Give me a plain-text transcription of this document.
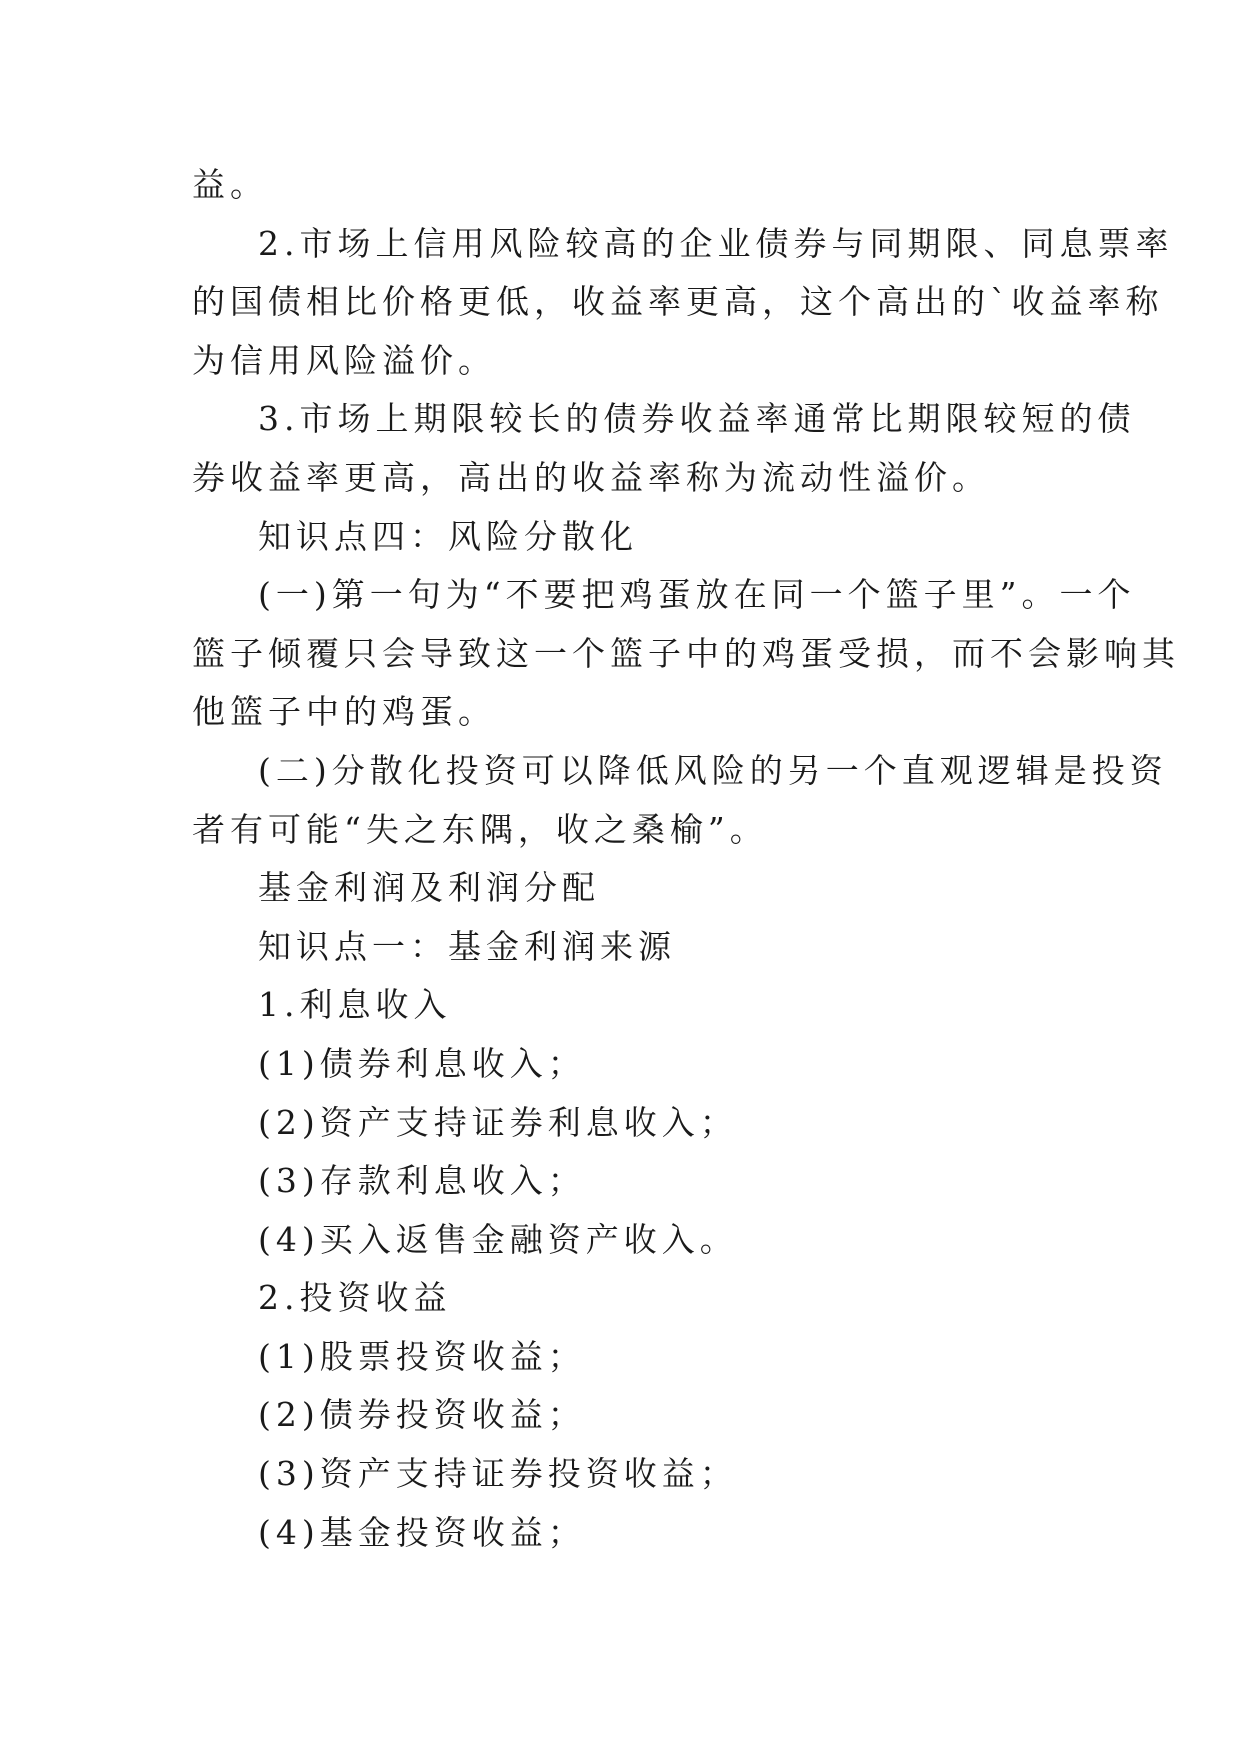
益。
2.市场上信用风险较高的企业债券与同期限、同息票率
的国债相比价格更低，收益率更高，这个高出的`收益率称
为信用风险溢价。
3.市场上期限较长的债券收益率通常比期限较短的债
券收益率更高，高出的收益率称为流动性溢价。
知识点四：风险分散化
(一)第一句为“不要把鸡蛋放在同一个篮子里”。一个
篮子倾覆只会导致这一个篮子中的鸡蛋受损，而不会影响其
他篮子中的鸡蛋。
(二)分散化投资可以降低风险的另一个直观逻辑是投资
者有可能“失之东隅，收之桑榆”。
基金利润及利润分配
知识点一：基金利润来源
1.利息收入
(1)债券利息收入；
(2)资产支持证券利息收入；
(3)存款利息收入；
(4)买入返售金融资产收入。
2.投资收益
(1)股票投资收益；
(2)债券投资收益；
(3)资产支持证券投资收益；
(4)基金投资收益；
